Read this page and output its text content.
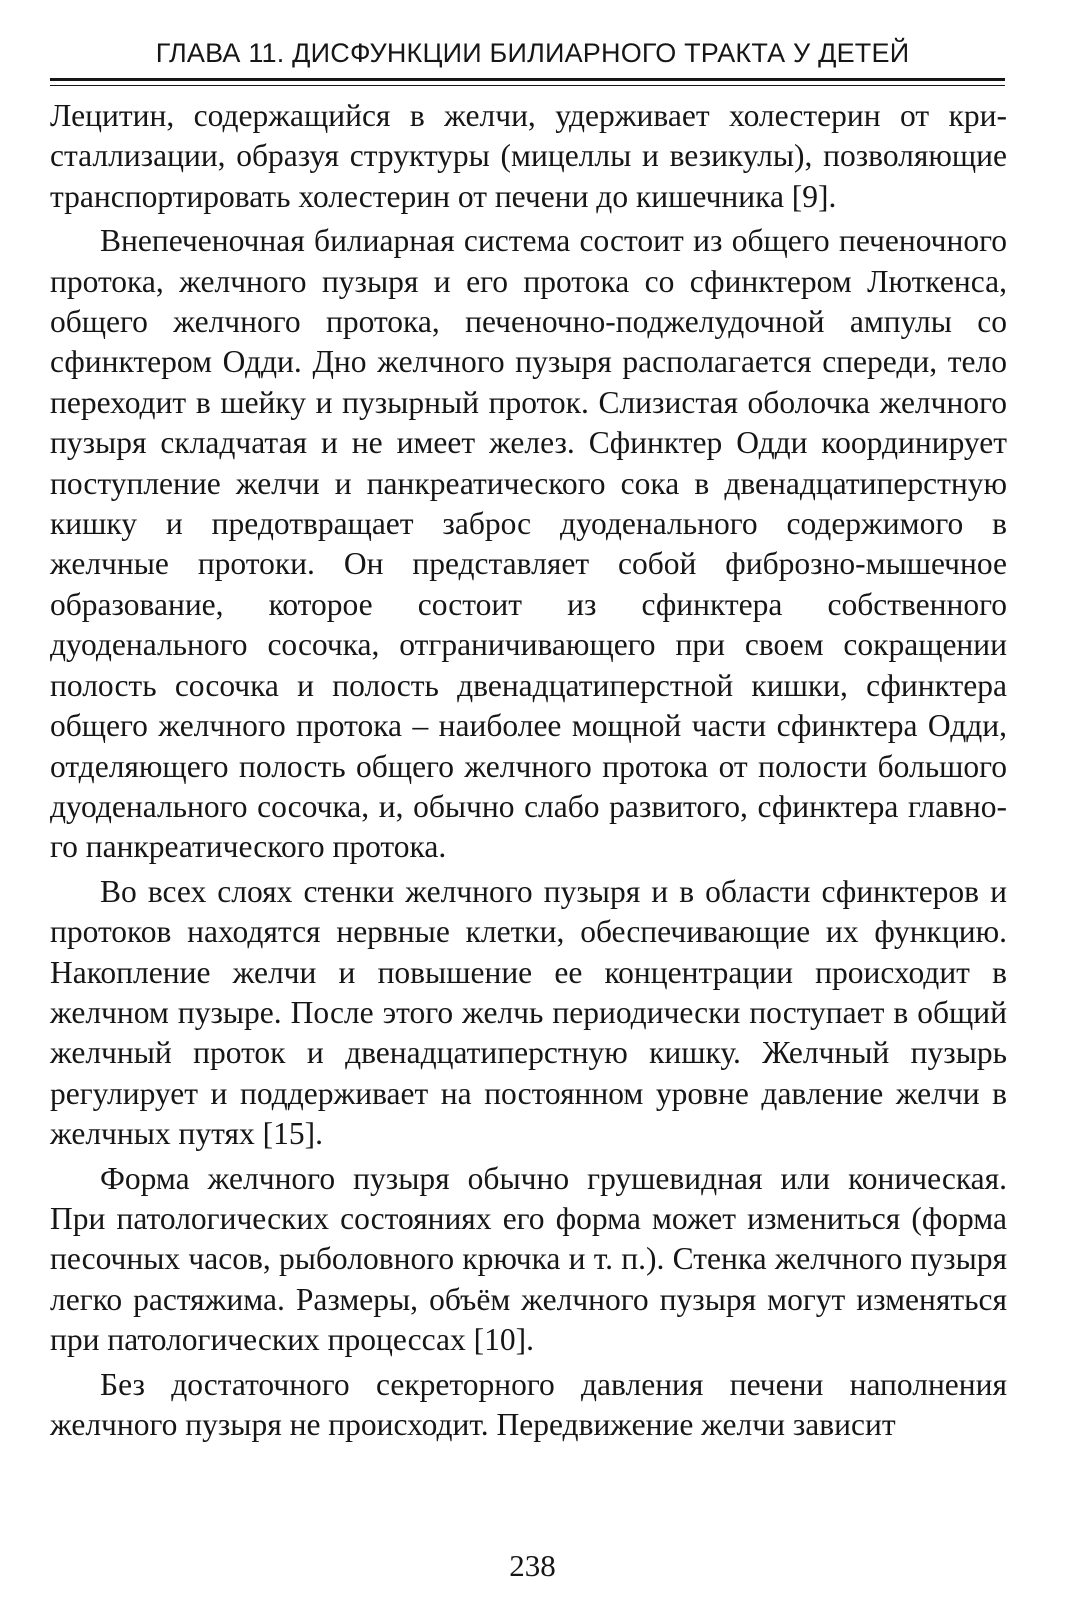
ГЛАВА 11. ДИСФУНКЦИИ БИЛИАРНОГО ТРАКТА У ДЕТЕЙ

Лецитин, содержащийся в желчи, удерживает холестерин от кристаллизации, образуя структуры (мицеллы и везикулы), позволяющие транспортировать холестерин от печени до кишечника [9].

Внепеченочная билиарная система состоит из общего печеночного протока, желчного пузыря и его протока со сфинктером Люткенса, общего желчного протока, печеночно-поджелудочной ампулы со сфинктером Одди. Дно желчного пузыря располагается спереди, тело переходит в шейку и пузырный проток. Слизистая оболочка желчного пузыря складчатая и не имеет желез. Сфинктер Одди координирует поступление желчи и панкреатического сока в двенадцатиперстную кишку и предотвращает заброс дуоденального содержимого в желчные протоки. Он представляет собой фиброзно-мышечное образование, которое состоит из сфинктера собственного дуоденального сосочка, отграничивающего при своем сокращении полость сосочка и полость двенадцатиперстной кишки, сфинктера общего желчного протока – наиболее мощной части сфинктера Одди, отделяющего полость общего желчного протока от полости большого дуоденального сосочка, и, обычно слабо развитого, сфинктера главного панкреатического протока.

Во всех слоях стенки желчного пузыря и в области сфинктеров и протоков находятся нервные клетки, обеспечивающие их функцию. Накопление желчи и повышение ее концентрации происходит в желчном пузыре. После этого желчь периодически поступает в общий желчный проток и двенадцатиперстную кишку. Желчный пузырь регулирует и поддерживает на постоянном уровне давление желчи в желчных путях [15].

Форма желчного пузыря обычно грушевидная или коническая. При патологических состояниях его форма может измениться (форма песочных часов, рыболовного крючка и т. п.). Стенка желчного пузыря легко растяжима. Размеры, объём желчного пузыря могут изменяться при патологических процессах [10].

Без достаточного секреторного давления печени наполнения желчного пузыря не происходит. Передвижение желчи зависит

238
